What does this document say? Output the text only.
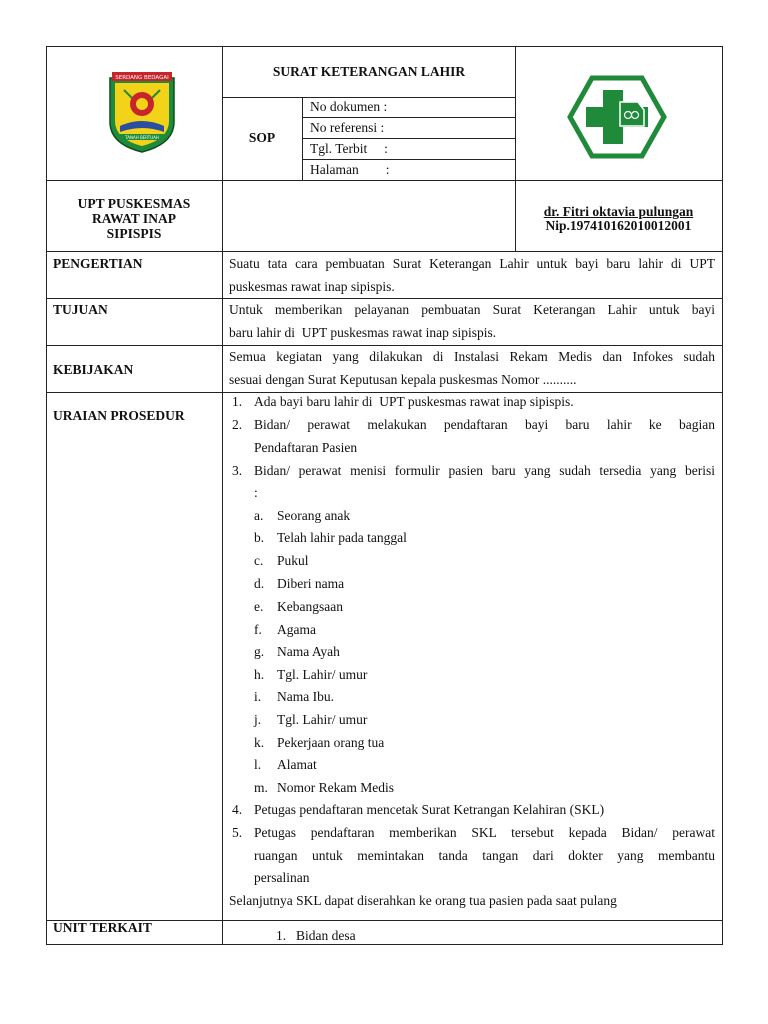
SERDANG BEDAGAI
TANAH BERTUAH
SURAT KETERANGAN LAHIR
SOP
No dokumen :
No referensi :
Tgl. Terbit     :
Halaman        :
UPT PUSKESMAS
RAWAT INAP
SIPISPIS
dr. Fitri oktavia pulungan
Nip.197410162010012001
PENGERTIAN
TUJUAN
KEBIJAKAN
URAIAN PROSEDUR
UNIT TERKAIT
Suatu tata cara pembuatan Surat Keterangan Lahir untuk bayi baru lahir di UPT
puskesmas rawat inap sipispis.
Untuk memberikan pelayanan pembuatan Surat Keterangan Lahir untuk bayi
baru lahir di  UPT puskesmas rawat inap sipispis.
Semua kegiatan yang dilakukan di Instalasi Rekam Medis dan Infokes sudah
sesuai dengan Surat Keputusan kepala puskesmas Nomor ..........
1. Ada bayi baru lahir di  UPT puskesmas rawat inap sipispis.
2. Bidan/ perawat melakukan pendaftaran bayi baru lahir ke bagian
Pendaftaran Pasien
3. Bidan/ perawat menisi formulir pasien baru yang sudah tersedia yang berisi
:
a. Seorang anak
b. Telah lahir pada tanggal
c. Pukul
d. Diberi nama
e. Kebangsaan
f. Agama
g. Nama Ayah
h. Tgl. Lahir/ umur
i. Nama Ibu.
j. Tgl. Lahir/ umur
k. Pekerjaan orang tua
l. Alamat
m. Nomor Rekam Medis
4. Petugas pendaftaran mencetak Surat Ketrangan Kelahiran (SKL)
5. Petugas pendaftaran memberikan SKL tersebut kepada Bidan/ perawat
ruangan untuk memintakan tanda tangan dari dokter yang membantu
persalinan
Selanjutnya SKL dapat diserahkan ke orang tua pasien pada saat pulang
1. Bidan desa
